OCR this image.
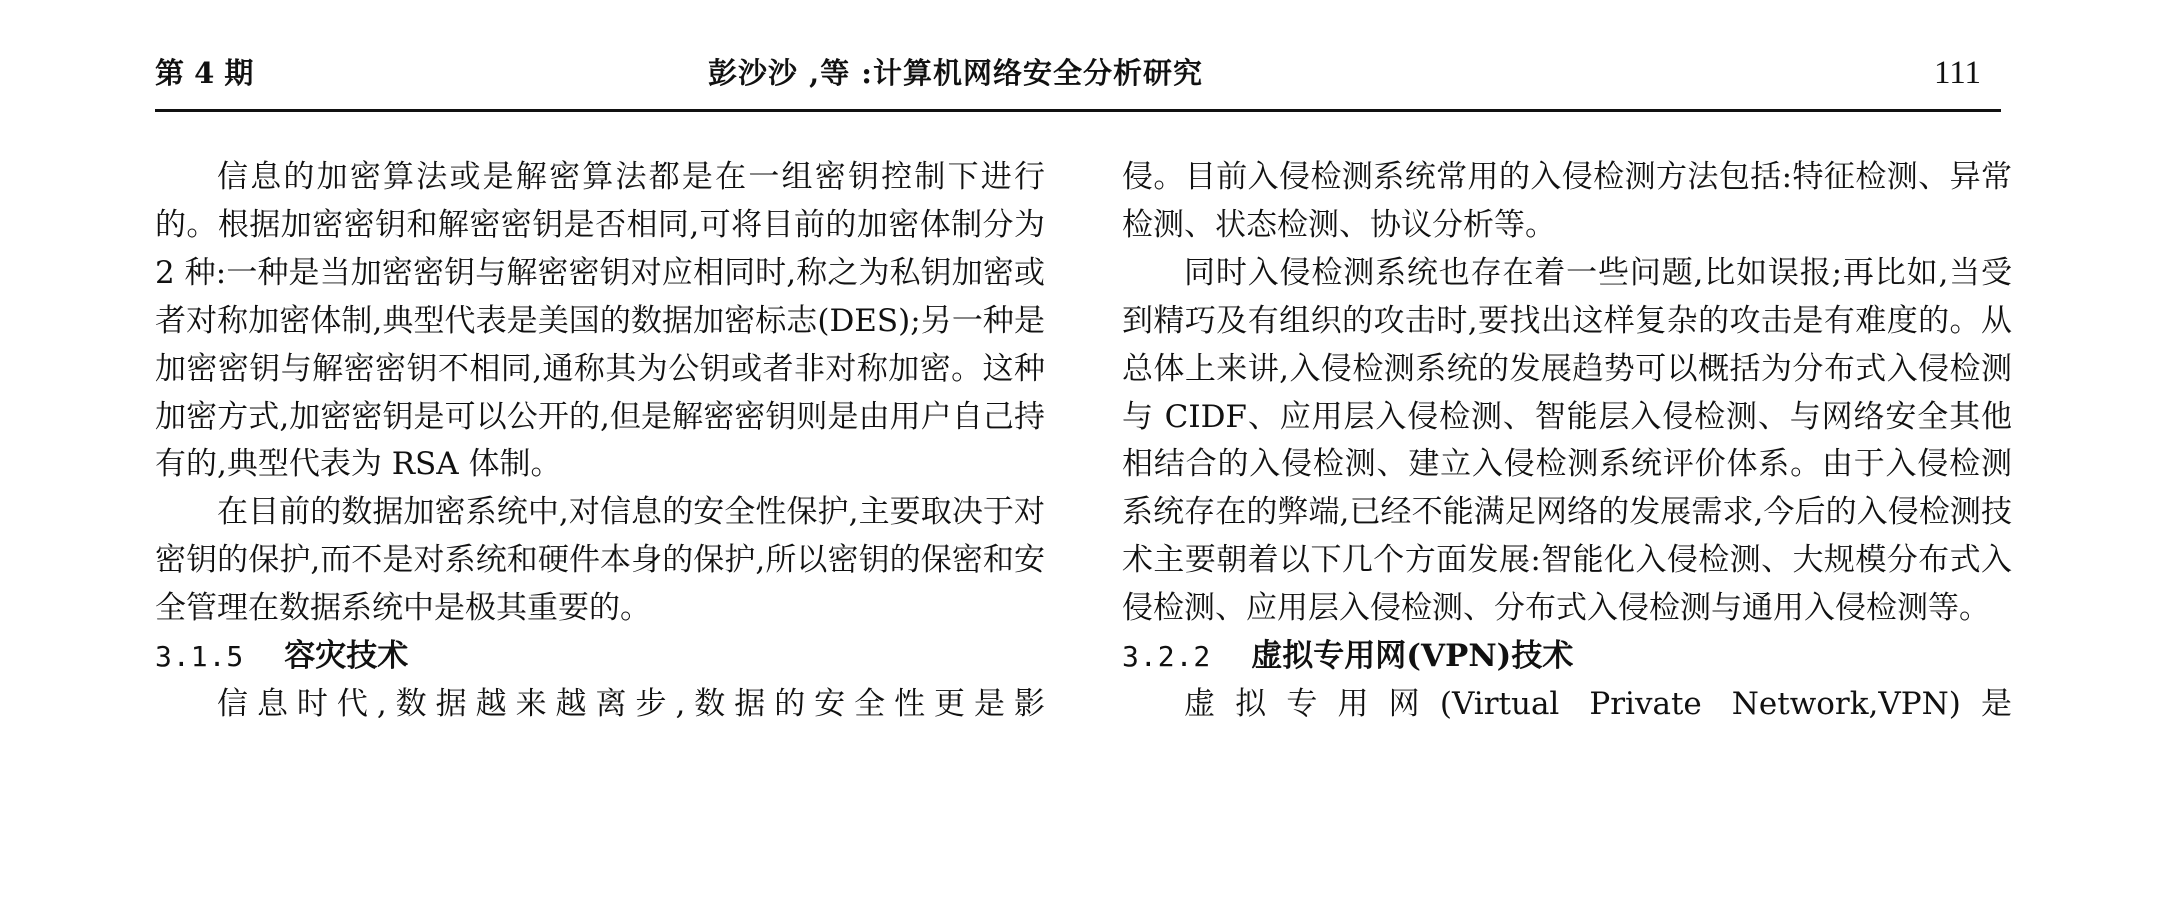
第 4 期	彭沙沙 ,等 :计算机网络安全分析研究	111

信息的加密算法或是解密算法都是在一组密钥控制下进行的。根据加密密钥和解密密钥是否相同,可将目前的加密体制分为 2 种:一种是当加密密钥与解密密钥对应相同时,称之为私钥加密或者对称加密体制,典型代表是美国的数据加密标志(DES);另一种是加密密钥与解密密钥不相同,通称其为公钥或者非对称加密。这种加密方式,加密密钥是可以公开的,但是解密密钥则是由用户自己持有的,典型代表为 RSA 体制。

在目前的数据加密系统中,对信息的安全性保护,主要取决于对密钥的保护,而不是对系统和硬件本身的保护,所以密钥的保密和安全管理在数据系统中是极其重要的。

3.1.5 容灾技术

信息时代,数据越来越离步,数据的安全性更是影

侵。目前入侵检测系统常用的入侵检测方法包括:特征检测、异常检测、状态检测、协议分析等。

同时入侵检测系统也存在着一些问题,比如误报;再比如,当受到精巧及有组织的攻击时,要找出这样复杂的攻击是有难度的。从总体上来讲,入侵检测系统的发展趋势可以概括为分布式入侵检测与 CIDF、应用层入侵检测、智能层入侵检测、与网络安全其他相结合的入侵检测、建立入侵检测系统评价体系。由于入侵检测系统存在的弊端,已经不能满足网络的发展需求,今后的入侵检测技术主要朝着以下几个方面发展:智能化入侵检测、大规模分布式入侵检测、应用层入侵检测、分布式入侵检测与通用入侵检测等。

3.2.2 虚拟专用网(VPN)技术

虚拟专用网(Virtual Private Network,VPN)是
